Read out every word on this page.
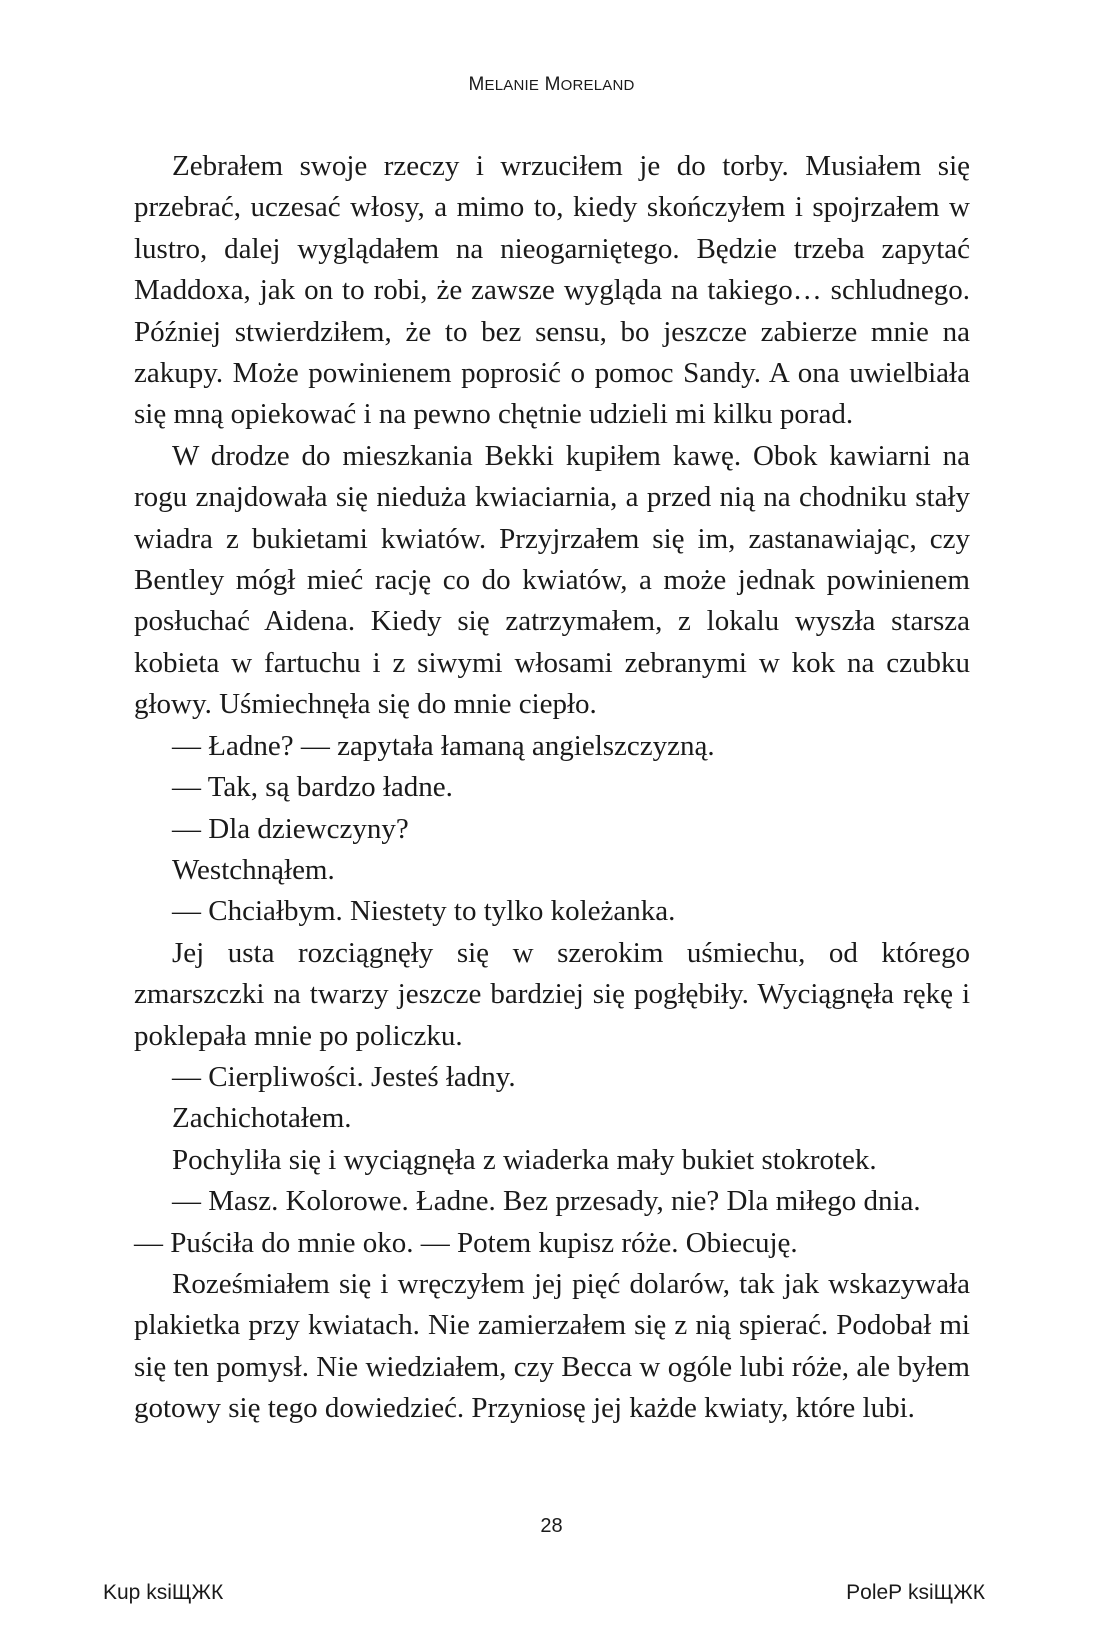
MELANIE MORELAND

Zebrałem swoje rzeczy i wrzuciłem je do torby. Musiałem się przebrać, uczesać włosy, a mimo to, kiedy skończyłem i spojrzałem w lustro, dalej wyglądałem na nieogarniętego. Będzie trzeba zapytać Maddoxa, jak on to robi, że zawsze wygląda na takiego… schludnego. Później stwierdziłem, że to bez sensu, bo jeszcze zabierze mnie na zakupy. Może powinienem poprosić o pomoc Sandy. A ona uwielbiała się mną opiekować i na pewno chętnie udzieli mi kilku porad.

W drodze do mieszkania Bekki kupiłem kawę. Obok kawiarni na rogu znajdowała się nieduża kwiaciarnia, a przed nią na chodniku stały wiadra z bukietami kwiatów. Przyjrzałem się im, zastanawiając, czy Bentley mógł mieć rację co do kwiatów, a może jednak powinienem posłuchać Aidena. Kiedy się zatrzymałem, z lokalu wyszła starsza kobieta w fartuchu i z siwymi włosami zebranymi w kok na czubku głowy. Uśmiechnęła się do mnie ciepło.

— Ładne? — zapytała łamaną angielszczyzną.

— Tak, są bardzo ładne.

— Dla dziewczyny?

Westchnąłem.

— Chciałbym. Niestety to tylko koleżanka.

Jej usta rozciągnęły się w szerokim uśmiechu, od którego zmarszczki na twarzy jeszcze bardziej się pogłębiły. Wyciągnęła rękę i poklepała mnie po policzku.

— Cierpliwości. Jesteś ładny.

Zachichotałem.

Pochyliła się i wyciągnęła z wiaderka mały bukiet stokrotek.

— Masz. Kolorowe. Ładne. Bez przesady, nie? Dla miłego dnia.

— Puściła do mnie oko. — Potem kupisz róże. Obiecuję.

Roześmiałem się i wręczyłem jej pięć dolarów, tak jak wskazywała plakietka przy kwiatach. Nie zamierzałem się z nią spierać. Podobał mi się ten pomysł. Nie wiedziałem, czy Becca w ogóle lubi róże, ale byłem gotowy się tego dowiedzieć. Przyniosę jej każde kwiaty, które lubi.

28
Kup ksiЩЖК	PoleР ksiЩЖК
